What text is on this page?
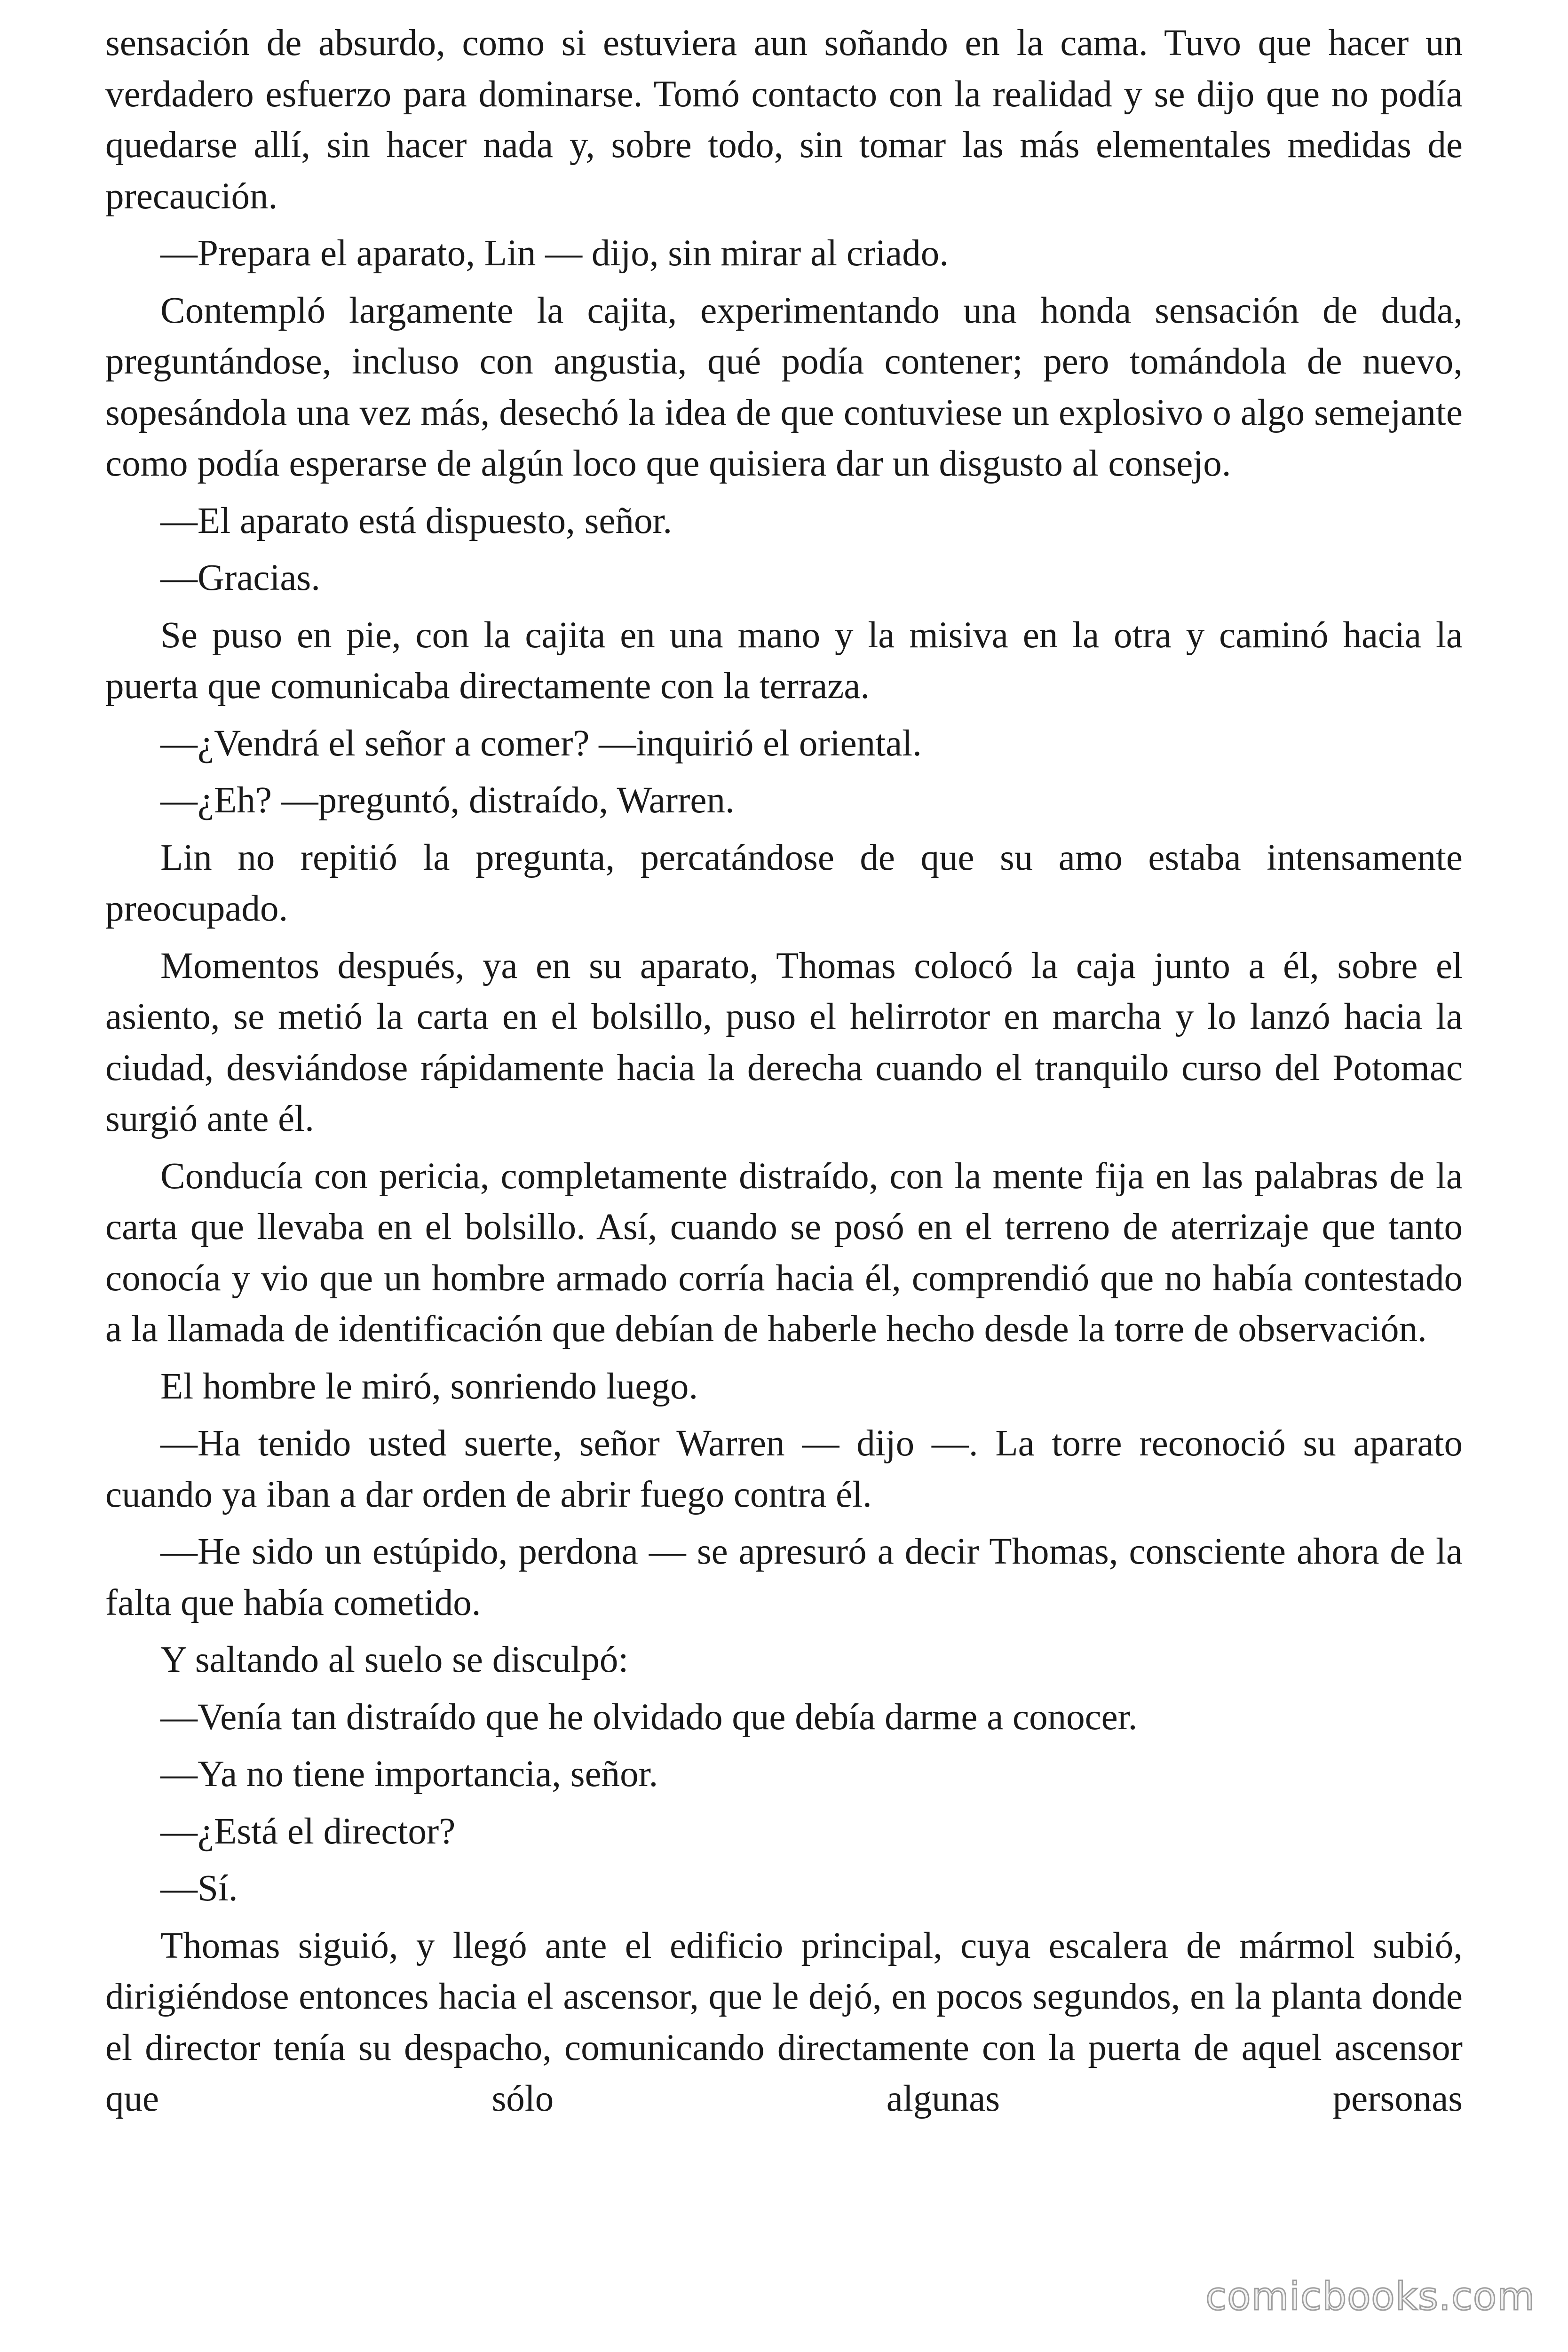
sensación de absurdo, como si estuviera aun soñando en la cama. Tuvo que hacer un verdadero esfuerzo para dominarse. Tomó contacto con la realidad y se dijo que no podía quedarse allí, sin hacer nada y, sobre todo, sin tomar las más elementales medidas de precaución.

—Prepara el aparato, Lin — dijo, sin mirar al criado.

Contempló largamente la cajita, experimentando una honda sensación de duda, preguntándose, incluso con angustia, qué podía contener; pero tomándola de nuevo, sopesándola una vez más, desechó la idea de que contuviese un explosivo o algo semejante como podía esperarse de algún loco que quisiera dar un disgusto al consejo.

—El aparato está dispuesto, señor.

—Gracias.

Se puso en pie, con la cajita en una mano y la misiva en la otra y caminó hacia la puerta que comunicaba directamente con la terraza.

—¿Vendrá el señor a comer? —inquirió el oriental.

—¿Eh? —preguntó, distraído, Warren.

Lin no repitió la pregunta, percatándose de que su amo estaba intensamente preocupado.

Momentos después, ya en su aparato, Thomas colocó la caja junto a él, sobre el asiento, se metió la carta en el bolsillo, puso el helirrotor en marcha y lo lanzó hacia la ciudad, desviándose rápidamente hacia la derecha cuando el tranquilo curso del Potomac surgió ante él.

Conducía con pericia, completamente distraído, con la mente fija en las palabras de la carta que llevaba en el bolsillo. Así, cuando se posó en el terreno de aterrizaje que tanto conocía y vio que un hombre armado corría hacia él, comprendió que no había contestado a la llamada de identificación que debían de haberle hecho desde la torre de observación.

El hombre le miró, sonriendo luego.

—Ha tenido usted suerte, señor Warren — dijo —. La torre reconoció su aparato cuando ya iban a dar orden de abrir fuego contra él.

—He sido un estúpido, perdona — se apresuró a decir Thomas, consciente ahora de la falta que había cometido.

Y saltando al suelo se disculpó:

—Venía tan distraído que he olvidado que debía darme a conocer.

—Ya no tiene importancia, señor.

—¿Está el director?

—Sí.

Thomas siguió, y llegó ante el edificio principal, cuya escalera de mármol subió, dirigiéndose entonces hacia el ascensor, que le dejó, en pocos segundos, en la planta donde el director tenía su despacho, comunicando directamente con la puerta de aquel ascensor que sólo algunas personas

comicbooks.com
